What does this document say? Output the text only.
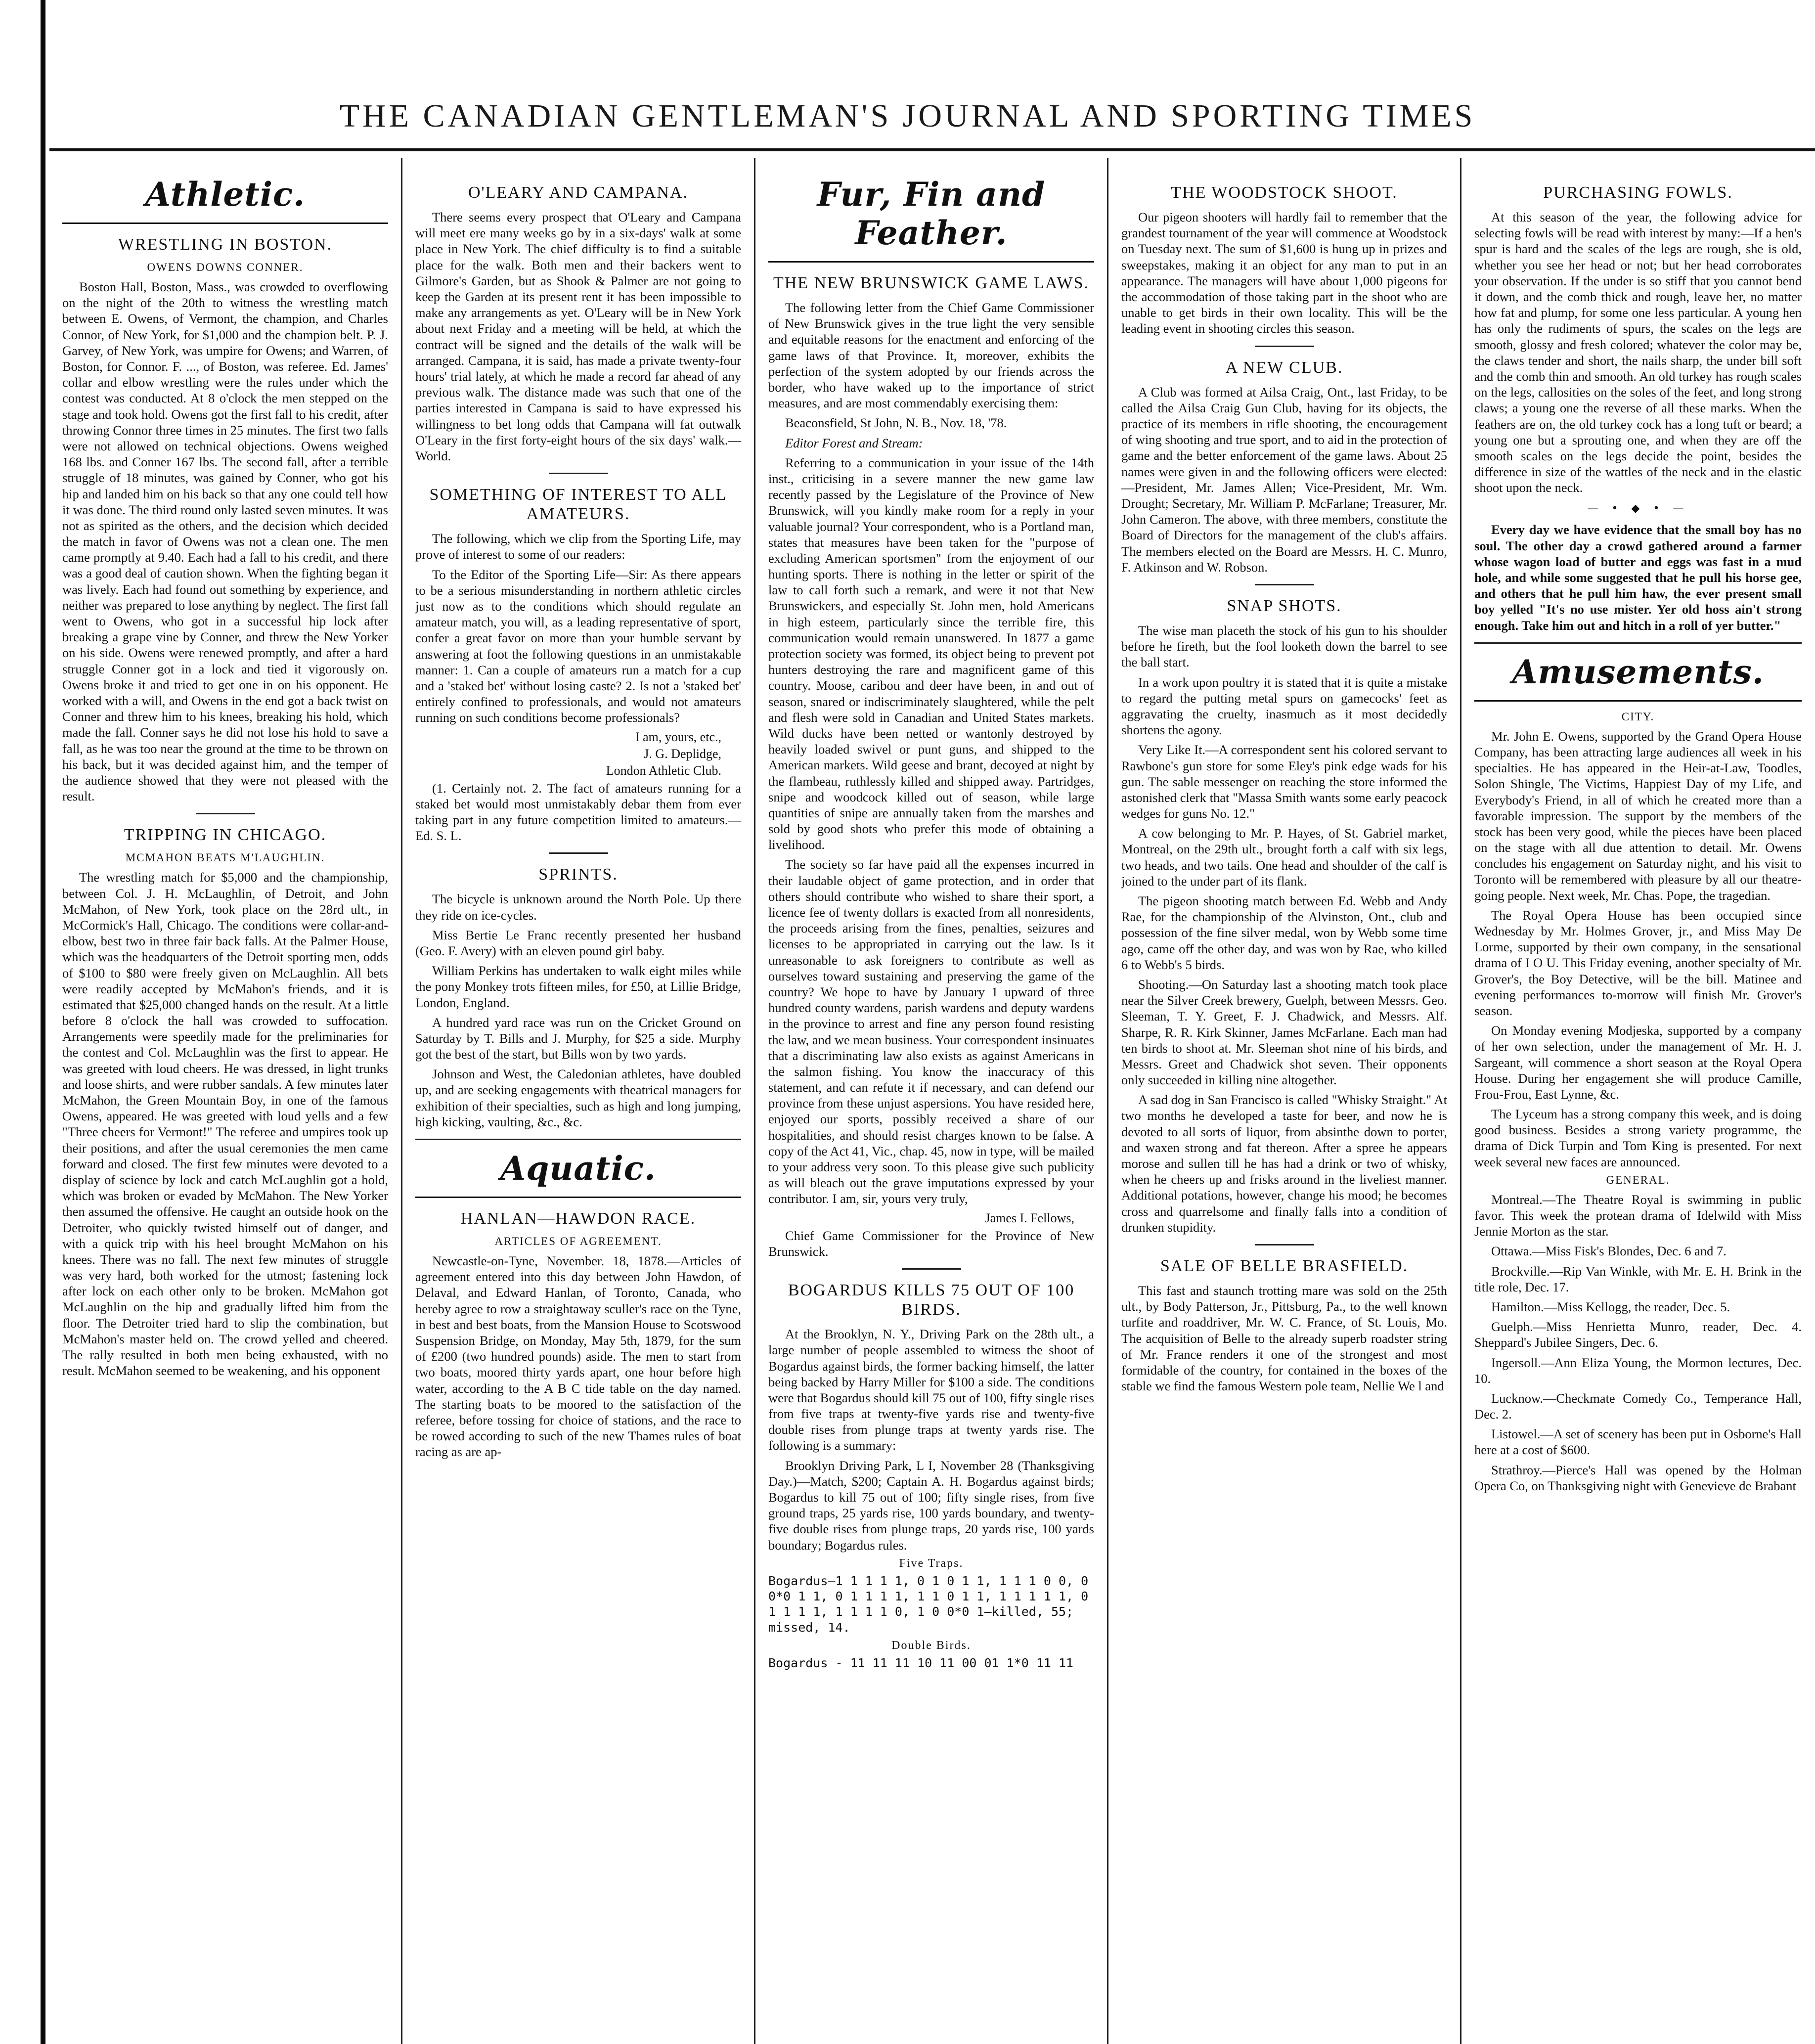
THE CANADIAN GENTLEMAN'S JOURNAL AND SPORTING TIMES
Athletic.
WRESTLING IN BOSTON.
OWENS DOWNS CONNER.

Boston Hall, Boston, Mass., was crowded to overflowing on the night of the 20th to witness the wrestling match between E. Owens, of Vermont, the champion, and Charles Connor, of New York, for $1,000 and the champion belt. P. J. Garvey, of New York, was umpire for Owens; and Warren, of Boston, for Connor. F. ..., of Boston, was referee. Ed. James' collar and elbow wrestling were the rules under which the contest was conducted. At 8 o'clock the men stepped on the stage and took hold. Owens got the first fall to his credit, after throwing Connor three times in 25 minutes. The first two falls were not allowed on technical objections. Owens weighed 168 lbs. and Conner 167 lbs. The second fall, after a terrible struggle of 18 minutes, was gained by Conner, who got his hip and landed him on his back so that any one could tell how it was done. The third round only lasted seven minutes. It was not as spirited as the others, and the decision which decided the match in favor of Owens was not a clean one. The men came promptly at 9.40. Each had a fall to his credit, and there was a good deal of caution shown. When the fighting began it was lively. Each had found out something by experience, and neither was prepared to lose anything by neglect. The first fall went to Owens, who got in a successful hip lock after breaking a grape vine by Conner, and threw the New Yorker on his side. Owens were renewed promptly, and after a hard struggle Conner got in a lock and tied it vigorously on. Owens broke it and tried to get one in on his opponent. He worked with a will, and Owens in the end got a back twist on Conner and threw him to his knees, breaking his hold, which made the fall. Conner says he did not lose his hold to save a fall, as he was too near the ground at the time to be thrown on his back, but it was decided against him, and the temper of the audience showed that they were not pleased with the result.

TRIPPING IN CHICAGO.
MCMAHON BEATS M'LAUGHLIN.

The wrestling match for $5,000 and the championship, between Col. J. H. McLaughlin, of Detroit, and John McMahon, of New York, took place on the 28rd ult., in McCormick's Hall, Chicago. The conditions were collar-and-elbow, best two in three fair back falls. At the Palmer House, which was the headquarters of the Detroit sporting men, odds of $100 to $80 were freely given on McLaughlin. All bets were readily accepted by McMahon's friends, and it is estimated that $25,000 changed hands on the result. At a little before 8 o'clock the hall was crowded to suffocation. Arrangements were speedily made for the preliminaries for the contest and Col. McLaughlin was the first to appear. He was greeted with loud cheers. He was dressed, in light trunks and loose shirts, and were rubber sandals. A few minutes later McMahon, the Green Mountain Boy, in one of the famous Owens, appeared. He was greeted with loud yells and a few "Three cheers for Vermont!" The referee and umpires took up their positions, and after the usual ceremonies the men came forward and closed. The first few minutes were devoted to a display of science by lock and catch McLaughlin got a hold, which was broken or evaded by McMahon. The New Yorker then assumed the offensive. He caught an outside hook on the Detroiter, who quickly twisted himself out of danger, and with a quick trip with his heel brought McMahon on his knees. There was no fall. The next few minutes of struggle was very hard, both worked for the utmost; fastening lock after lock on each other only to be broken. McMahon got McLaughlin on the hip and gradually lifted him from the floor. The Detroiter tried hard to slip the combination, but McMahon's master held on. The crowd yelled and cheered. The rally resulted in both men being exhausted, with no result. McMahon seemed to be weakening, and his opponent

O'LEARY AND CAMPANA.

There seems every prospect that O'Leary and Campana will meet ere many weeks go by in a six-days' walk at some place in New York. The chief difficulty is to find a suitable place for the walk. Both men and their backers went to Gilmore's Garden, but as Shook & Palmer are not going to keep the Garden at its present rent it has been impossible to make any arrangements as yet. O'Leary will be in New York about next Friday and a meeting will be held, at which the contract will be signed and the details of the walk will be arranged. Campana, it is said, has made a private twenty-four hours' trial lately, at which he made a record far ahead of any previous walk. The distance made was such that one of the parties interested in Campana is said to have expressed his willingness to bet long odds that Campana will fat outwalk O'Leary in the first forty-eight hours of the six days' walk.—World.

SOMETHING OF INTEREST TO ALL AMATEURS.

The following, which we clip from the Sporting Life, may prove of interest to some of our readers:

To the Editor of the Sporting Life—Sir: As there appears to be a serious misunderstanding in northern athletic circles just now as to the conditions which should regulate an amateur match, you will, as a leading representative of sport, confer a great favor on more than your humble servant by answering at foot the following questions in an unmistakable manner: 1. Can a couple of amateurs run a match for a cup and a 'staked bet' without losing caste? 2. Is not a 'staked bet' entirely confined to professionals, and would not amateurs running on such conditions become professionals?

I am, yours, etc.,
J. G. Deplidge,
London Athletic Club.

(1. Certainly not. 2. The fact of amateurs running for a staked bet would most unmistakably debar them from ever taking part in any future competition limited to amateurs.—Ed. S. L.

SPRINTS.

The bicycle is unknown around the North Pole. Up there they ride on ice-cycles.

Miss Bertie Le Franc recently presented her husband (Geo. F. Avery) with an eleven pound girl baby.

William Perkins has undertaken to walk eight miles while the pony Monkey trots fifteen miles, for £50, at Lillie Bridge, London, England.

A hundred yard race was run on the Cricket Ground on Saturday by T. Bills and J. Murphy, for $25 a side. Murphy got the best of the start, but Bills won by two yards.

Johnson and West, the Caledonian athletes, have doubled up, and are seeking engagements with theatrical managers for exhibition of their specialties, such as high and long jumping, high kicking, vaulting, &c., &c.

Aquatic.
HANLAN—HAWDON RACE.
ARTICLES OF AGREEMENT.

Newcastle-on-Tyne, November. 18, 1878.—Articles of agreement entered into this day between John Hawdon, of Delaval, and Edward Hanlan, of Toronto, Canada, who hereby agree to row a straightaway sculler's race on the Tyne, in best and best boats, from the Mansion House to Scotswood Suspension Bridge, on Monday, May 5th, 1879, for the sum of £200 (two hundred pounds) aside. The men to start from two boats, moored thirty yards apart, one hour before high water, according to the A B C tide table on the day named. The starting boats to be moored to the satisfaction of the referee, before tossing for choice of stations, and the race to be rowed according to such of the new Thames rules of boat racing as are ap-

Fur, Fin and Feather.
THE NEW BRUNSWICK GAME LAWS.

The following letter from the Chief Game Commissioner of New Brunswick gives in the true light the very sensible and equitable reasons for the enactment and enforcing of the game laws of that Province. It, moreover, exhibits the perfection of the system adopted by our friends across the border, who have waked up to the importance of strict measures, and are most commendably exercising them:

Beaconsfield, St John, N. B., Nov. 18, '78.

Editor Forest and Stream:

Referring to a communication in your issue of the 14th inst., criticising in a severe manner the new game law recently passed by the Legislature of the Province of New Brunswick, will you kindly make room for a reply in your valuable journal? Your correspondent, who is a Portland man, states that measures have been taken for the "purpose of excluding American sportsmen" from the enjoyment of our hunting sports. There is nothing in the letter or spirit of the law to call forth such a remark, and were it not that New Brunswickers, and especially St. John men, hold Americans in high esteem, particularly since the terrible fire, this communication would remain unanswered. In 1877 a game protection society was formed, its object being to prevent pot hunters destroying the rare and magnificent game of this country. Moose, caribou and deer have been, in and out of season, snared or indiscriminately slaughtered, while the pelt and flesh were sold in Canadian and United States markets. Wild ducks have been netted or wantonly destroyed by heavily loaded swivel or punt guns, and shipped to the American markets. Wild geese and brant, decoyed at night by the flambeau, ruthlessly killed and shipped away. Partridges, snipe and woodcock killed out of season, while large quantities of snipe are annually taken from the marshes and sold by good shots who prefer this mode of obtaining a livelihood.

The society so far have paid all the expenses incurred in their laudable object of game protection, and in order that others should contribute who wished to share their sport, a licence fee of twenty dollars is exacted from all nonresidents, the proceeds arising from the fines, penalties, seizures and licenses to be appropriated in carrying out the law. Is it unreasonable to ask foreigners to contribute as well as ourselves toward sustaining and preserving the game of the country? We hope to have by January 1 upward of three hundred county wardens, parish wardens and deputy wardens in the province to arrest and fine any person found resisting the law, and we mean business. Your correspondent insinuates that a discriminating law also exists as against Americans in the salmon fishing. You know the inaccuracy of this statement, and can refute it if necessary, and can defend our province from these unjust aspersions. You have resided here, enjoyed our sports, possibly received a share of our hospitalities, and should resist charges known to be false. A copy of the Act 41, Vic., chap. 45, now in type, will be mailed to your address very soon. To this please give such publicity as will bleach out the grave imputations expressed by your contributor. I am, sir, yours very truly,

James I. Fellows,

Chief Game Commissioner for the Province of New Brunswick.

BOGARDUS KILLS 75 OUT OF 100 BIRDS.

At the Brooklyn, N. Y., Driving Park on the 28th ult., a large number of people assembled to witness the shoot of Bogardus against birds, the former backing himself, the latter being backed by Harry Miller for $100 a side. The conditions were that Bogardus should kill 75 out of 100, fifty single rises from five traps at twenty-five yards rise and twenty-five double rises from plunge traps at twenty yards rise. The following is a summary:

Brooklyn Driving Park, L I, November 28 (Thanksgiving Day.)—Match, $200; Captain A. H. Bogardus against birds; Bogardus to kill 75 out of 100; fifty single rises, from five ground traps, 25 yards rise, 100 yards boundary, and twenty-five double rises from plunge traps, 20 yards rise, 100 yards boundary; Bogardus rules.

Five Traps.
Bogardus—1 1 1 1 1, 0 1 0 1 1, 1 1 1 0 0, 0 0*0 1 1, 0 1 1 1 1, 1 1 0 1 1, 1 1 1 1 1, 0 1 1 1 1, 1 1 1 1 0, 1 0 0*0 1—killed, 55; missed, 14.
Double Birds.
Bogardus - 11 11 11 10 11 00 01 1*0 11 11
THE WOODSTOCK SHOOT.

Our pigeon shooters will hardly fail to remember that the grandest tournament of the year will commence at Woodstock on Tuesday next. The sum of $1,600 is hung up in prizes and sweepstakes, making it an object for any man to put in an appearance. The managers will have about 1,000 pigeons for the accommodation of those taking part in the shoot who are unable to get birds in their own locality. This will be the leading event in shooting circles this season.

A NEW CLUB.

A Club was formed at Ailsa Craig, Ont., last Friday, to be called the Ailsa Craig Gun Club, having for its objects, the practice of its members in rifle shooting, the encouragement of wing shooting and true sport, and to aid in the protection of game and the better enforcement of the game laws. About 25 names were given in and the following officers were elected:—President, Mr. James Allen; Vice-President, Mr. Wm. Drought; Secretary, Mr. William P. McFarlane; Treasurer, Mr. John Cameron. The above, with three members, constitute the Board of Directors for the management of the club's affairs. The members elected on the Board are Messrs. H. C. Munro, F. Atkinson and W. Robson.

SNAP SHOTS.

The wise man placeth the stock of his gun to his shoulder before he fireth, but the fool looketh down the barrel to see the ball start.

In a work upon poultry it is stated that it is quite a mistake to regard the putting metal spurs on gamecocks' feet as aggravating the cruelty, inasmuch as it most decidedly shortens the agony.

Very Like It.—A correspondent sent his colored servant to Rawbone's gun store for some Eley's pink edge wads for his gun. The sable messenger on reaching the store informed the astonished clerk that "Massa Smith wants some early peacock wedges for guns No. 12."

A cow belonging to Mr. P. Hayes, of St. Gabriel market, Montreal, on the 29th ult., brought forth a calf with six legs, two heads, and two tails. One head and shoulder of the calf is joined to the under part of its flank.

The pigeon shooting match between Ed. Webb and Andy Rae, for the championship of the Alvinston, Ont., club and possession of the fine silver medal, won by Webb some time ago, came off the other day, and was won by Rae, who killed 6 to Webb's 5 birds.

Shooting.—On Saturday last a shooting match took place near the Silver Creek brewery, Guelph, between Messrs. Geo. Sleeman, T. Y. Greet, F. J. Chadwick, and Messrs. Alf. Sharpe, R. R. Kirk Skinner, James McFarlane. Each man had ten birds to shoot at. Mr. Sleeman shot nine of his birds, and Messrs. Greet and Chadwick shot seven. Their opponents only succeeded in killing nine altogether.

A sad dog in San Francisco is called "Whisky Straight." At two months he developed a taste for beer, and now he is devoted to all sorts of liquor, from absinthe down to porter, and waxen strong and fat thereon. After a spree he appears morose and sullen till he has had a drink or two of whisky, when he cheers up and frisks around in the liveliest manner. Additional potations, however, change his mood; he becomes cross and quarrelsome and finally falls into a condition of drunken stupidity.

SALE OF BELLE BRASFIELD.

This fast and staunch trotting mare was sold on the 25th ult., by Body Patterson, Jr., Pittsburg, Pa., to the well known turfite and roaddriver, Mr. W. C. France, of St. Louis, Mo. The acquisition of Belle to the already superb roadster string of Mr. France renders it one of the strongest and most formidable of the country, for contained in the boxes of the stable we find the famous Western pole team, Nellie We l and

PURCHASING FOWLS.

At this season of the year, the following advice for selecting fowls will be read with interest by many:—If a hen's spur is hard and the scales of the legs are rough, she is old, whether you see her head or not; but her head corroborates your observation. If the under is so stiff that you cannot bend it down, and the comb thick and rough, leave her, no matter how fat and plump, for some one less particular. A young hen has only the rudiments of spurs, the scales on the legs are smooth, glossy and fresh colored; whatever the color may be, the claws tender and short, the nails sharp, the under bill soft and the comb thin and smooth. An old turkey has rough scales on the legs, callosities on the soles of the feet, and long strong claws; a young one the reverse of all these marks. When the feathers are on, the old turkey cock has a long tuft or beard; a young one but a sprouting one, and when they are off the smooth scales on the legs decide the point, besides the difference in size of the wattles of the neck and in the elastic shoot upon the neck.

— • ◆ • —

Every day we have evidence that the small boy has no soul. The other day a crowd gathered around a farmer whose wagon load of butter and eggs was fast in a mud hole, and while some suggested that he pull his horse gee, and others that he pull him haw, the ever present small boy yelled "It's no use mister. Yer old hoss ain't strong enough. Take him out and hitch in a roll of yer butter."

Amusements.
CITY.

Mr. John E. Owens, supported by the Grand Opera House Company, has been attracting large audiences all week in his specialties. He has appeared in the Heir-at-Law, Toodles, Solon Shingle, The Victims, Happiest Day of my Life, and Everybody's Friend, in all of which he created more than a favorable impression. The support by the members of the stock has been very good, while the pieces have been placed on the stage with all due attention to detail. Mr. Owens concludes his engagement on Saturday night, and his visit to Toronto will be remembered with pleasure by all our theatre-going people. Next week, Mr. Chas. Pope, the tragedian.

The Royal Opera House has been occupied since Wednesday by Mr. Holmes Grover, jr., and Miss May De Lorme, supported by their own company, in the sensational drama of I O U. This Friday evening, another specialty of Mr. Grover's, the Boy Detective, will be the bill. Matinee and evening performances to-morrow will finish Mr. Grover's season.

On Monday evening Modjeska, supported by a company of her own selection, under the management of Mr. H. J. Sargeant, will commence a short season at the Royal Opera House. During her engagement she will produce Camille, Frou-Frou, East Lynne, &c.

The Lyceum has a strong company this week, and is doing good business. Besides a strong variety programme, the drama of Dick Turpin and Tom King is presented. For next week several new faces are announced.

GENERAL.

Montreal.—The Theatre Royal is swimming in public favor. This week the protean drama of Idelwild with Miss Jennie Morton as the star.

Ottawa.—Miss Fisk's Blondes, Dec. 6 and 7.

Brockville.—Rip Van Winkle, with Mr. E. H. Brink in the title role, Dec. 17.

Hamilton.—Miss Kellogg, the reader, Dec. 5.

Guelph.—Miss Henrietta Munro, reader, Dec. 4. Sheppard's Jubilee Singers, Dec. 6.

Ingersoll.—Ann Eliza Young, the Mormon lectures, Dec. 10.

Lucknow.—Checkmate Comedy Co., Temperance Hall, Dec. 2.

Listowel.—A set of scenery has been put in Osborne's Hall here at a cost of $600.

Strathroy.—Pierce's Hall was opened by the Holman Opera Co, on Thanksgiving night with Genevieve de Brabant
